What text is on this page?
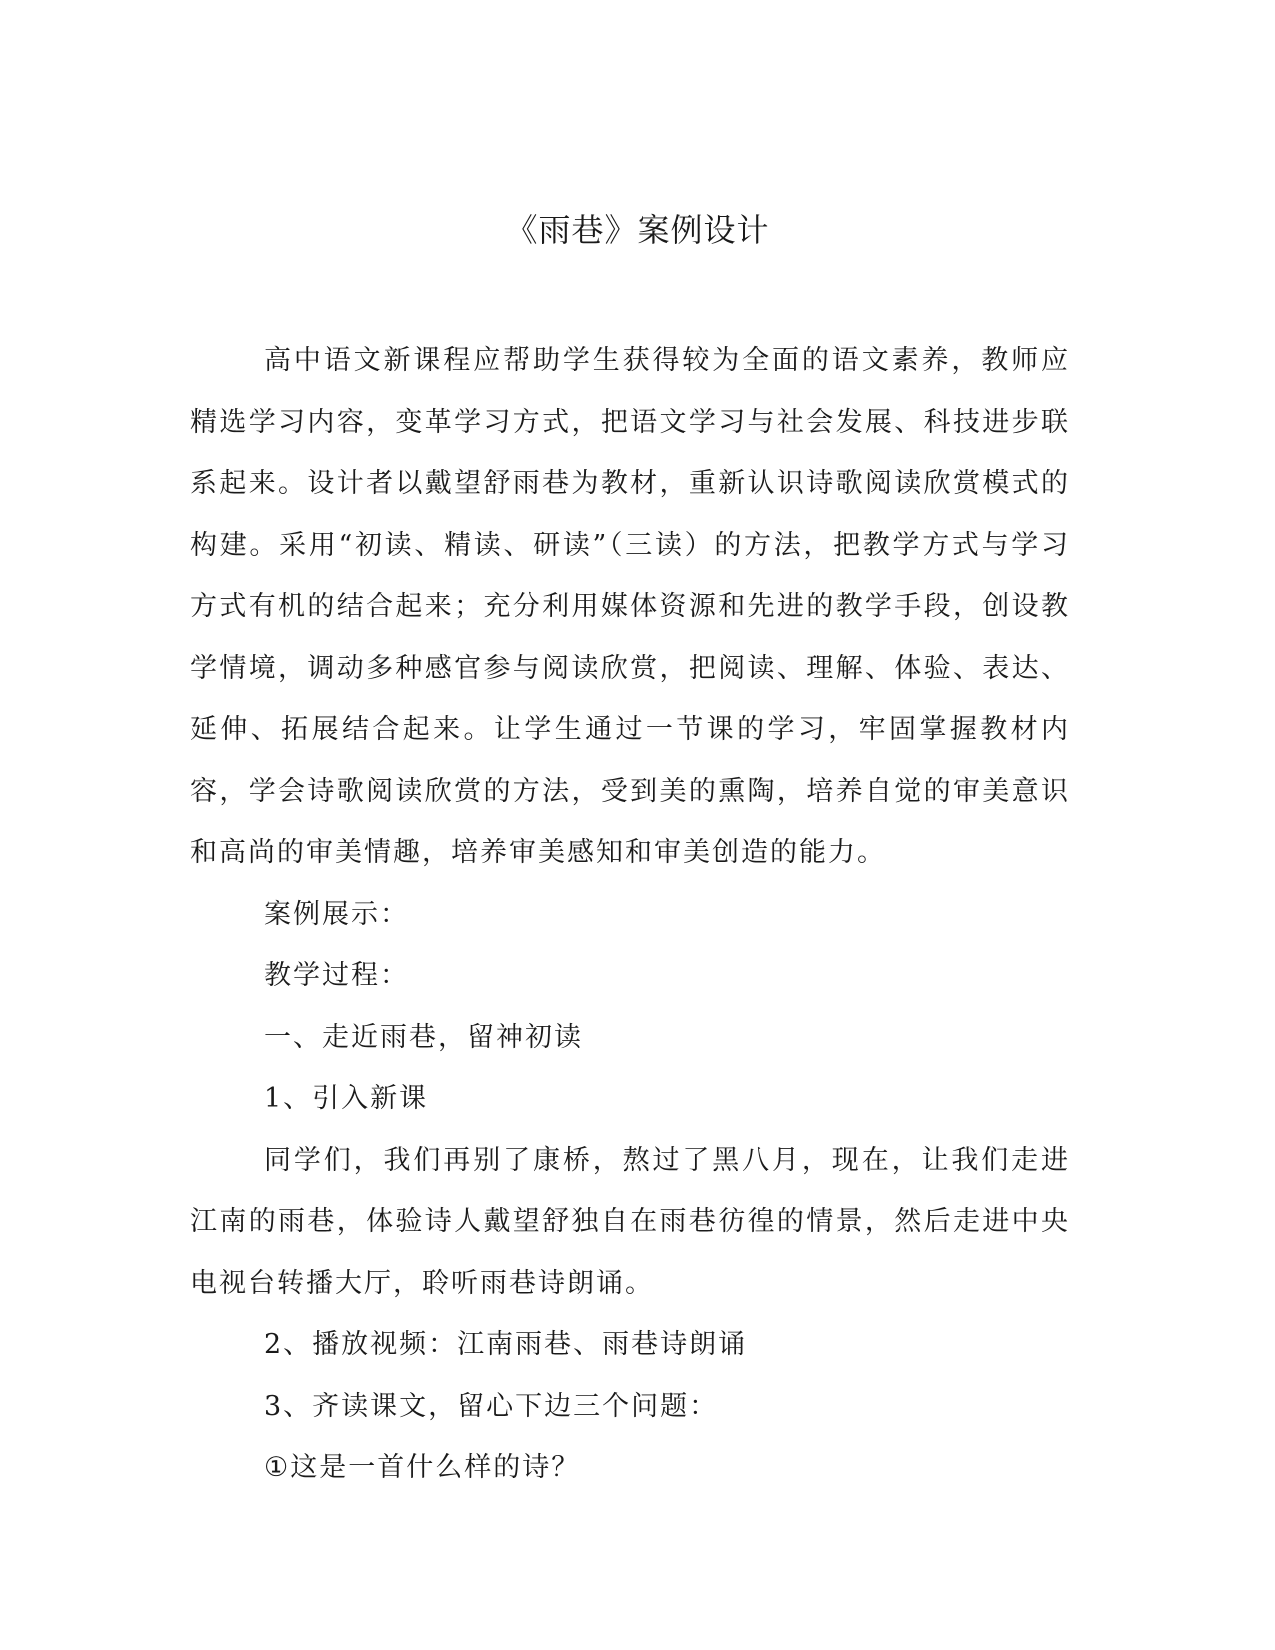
《雨巷》案例设计

高中语文新课程应帮助学生获得较为全面的语文素养，教师应精选学习内容，变革学习方式，把语文学习与社会发展、科技进步联系起来。设计者以戴望舒雨巷为教材，重新认识诗歌阅读欣赏模式的构建。采用“初读、精读、研读”（三读）的方法，把教学方式与学习方式有机的结合起来；充分利用媒体资源和先进的教学手段，创设教学情境，调动多种感官参与阅读欣赏，把阅读、理解、体验、表达、延伸、拓展结合起来。让学生通过一节课的学习，牢固掌握教材内容，学会诗歌阅读欣赏的方法，受到美的熏陶，培养自觉的审美意识和高尚的审美情趣，培养审美感知和审美创造的能力。

案例展示：

教学过程：

一、走近雨巷，留神初读

1、引入新课

同学们，我们再别了康桥，熬过了黑八月，现在，让我们走进江南的雨巷，体验诗人戴望舒独自在雨巷彷徨的情景，然后走进中央电视台转播大厅，聆听雨巷诗朗诵。

2、播放视频：江南雨巷、雨巷诗朗诵

3、齐读课文，留心下边三个问题：

①这是一首什么样的诗？
